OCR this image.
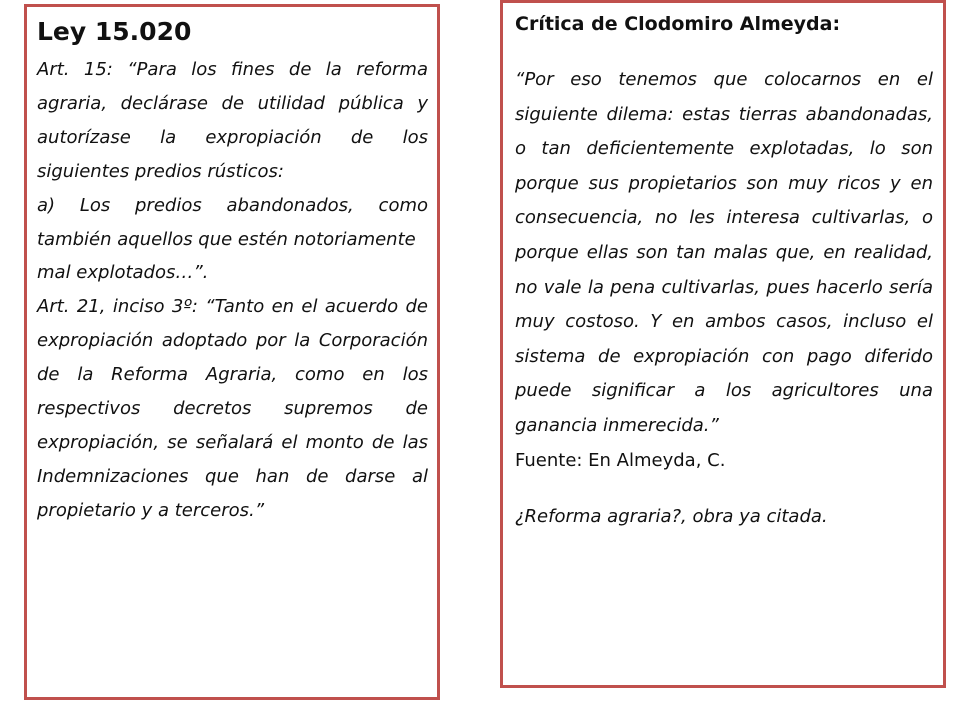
Ley 15.020

Art. 15: “Para los fines de la reforma agraria, declárase de utilidad pública y autorízase la expropiación de los siguientes predios rústicos:

a) Los predios abandonados, como también aquellos que estén notoriamente

mal explotados…”.

Art. 21, inciso 3º: “Tanto en el acuerdo de expropiación adoptado por la Corporación de la Reforma Agraria, como en los respectivos decretos supremos de expropiación, se señalará el monto de las Indemnizaciones que han de darse al propietario y a terceros.”

Crítica de Clodomiro Almeyda:

“Por eso tenemos que colocarnos en el siguiente dilema: estas tierras abandonadas, o tan deficientemente explotadas, lo son porque sus propietarios son muy ricos y en consecuencia, no les interesa cultivarlas, o porque ellas son tan malas que, en realidad, no vale la pena cultivarlas, pues hacerlo sería muy costoso. Y en ambos casos, incluso el sistema de expropiación con pago diferido puede significar a los agricultores una ganancia inmerecida.”

Fuente: En Almeyda, C.

¿Reforma agraria?, obra ya citada.
